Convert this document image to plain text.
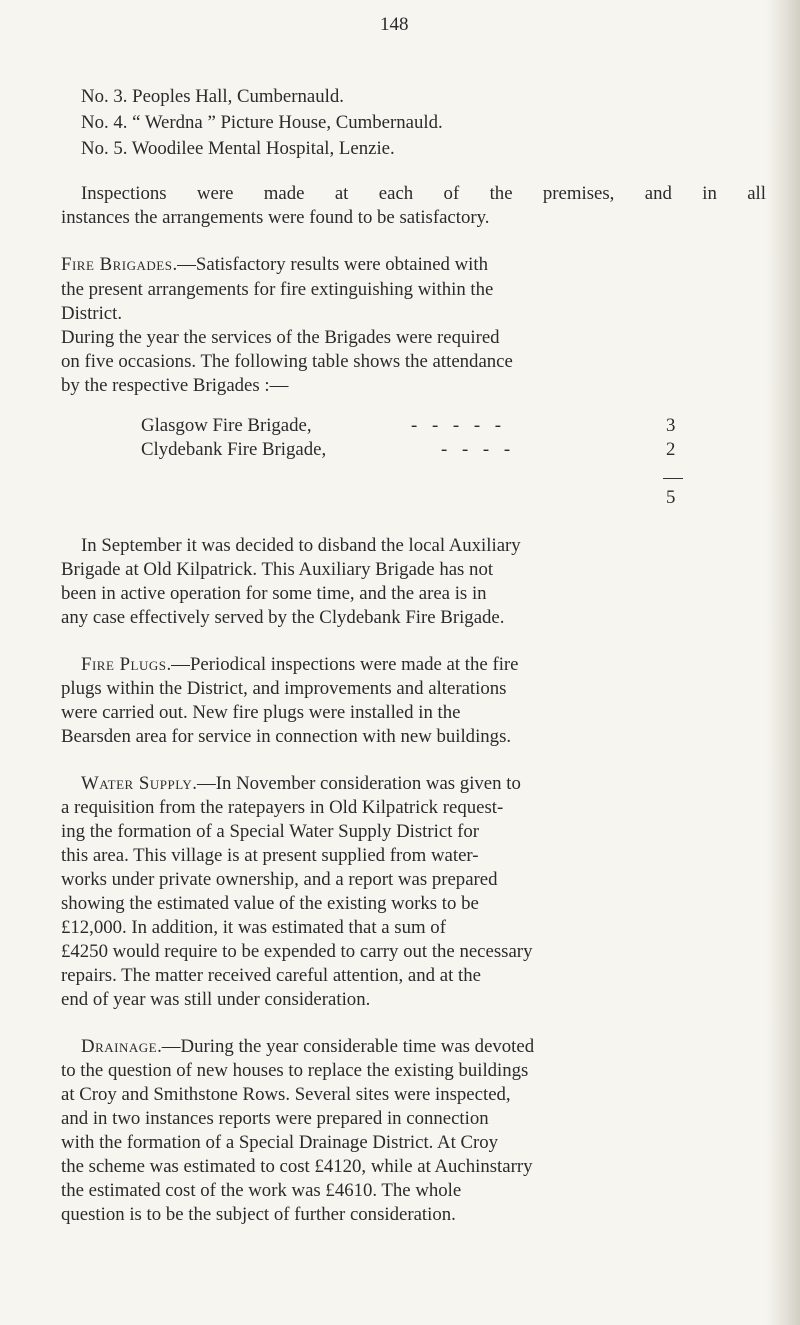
148
No. 3. Peoples Hall, Cumbernauld.
No. 4. “ Werdna ” Picture House, Cumbernauld.
No. 5. Woodilee Mental Hospital, Lenzie.
Inspections were made at each of the premises, and in all
instances the arrangements were found to be satisfactory.
Fire Brigades.—Satisfactory results were obtained with
the present arrangements for fire extinguishing within the
District.
During the year the services of the Brigades were required
on five occasions. The following table shows the attendance
by the respective Brigades :—
Glasgow Fire Brigade,	- - - - -	3
Clydebank Fire Brigade,	- - - -	2
5
In September it was decided to disband the local Auxiliary
Brigade at Old Kilpatrick. This Auxiliary Brigade has not
been in active operation for some time, and the area is in
any case effectively served by the Clydebank Fire Brigade.
Fire Plugs.—Periodical inspections were made at the fire
plugs within the District, and improvements and alterations
were carried out. New fire plugs were installed in the
Bearsden area for service in connection with new buildings.
Water Supply.—In November consideration was given to
a requisition from the ratepayers in Old Kilpatrick request-
ing the formation of a Special Water Supply District for
this area. This village is at present supplied from water-
works under private ownership, and a report was prepared
showing the estimated value of the existing works to be
£12,000. In addition, it was estimated that a sum of
£4250 would require to be expended to carry out the necessary
repairs. The matter received careful attention, and at the
end of year was still under consideration.
Drainage.—During the year considerable time was devoted
to the question of new houses to replace the existing buildings
at Croy and Smithstone Rows. Several sites were inspected,
and in two instances reports were prepared in connection
with the formation of a Special Drainage District. At Croy
the scheme was estimated to cost £4120, while at Auchinstarry
the estimated cost of the work was £4610. The whole
question is to be the subject of further consideration.
